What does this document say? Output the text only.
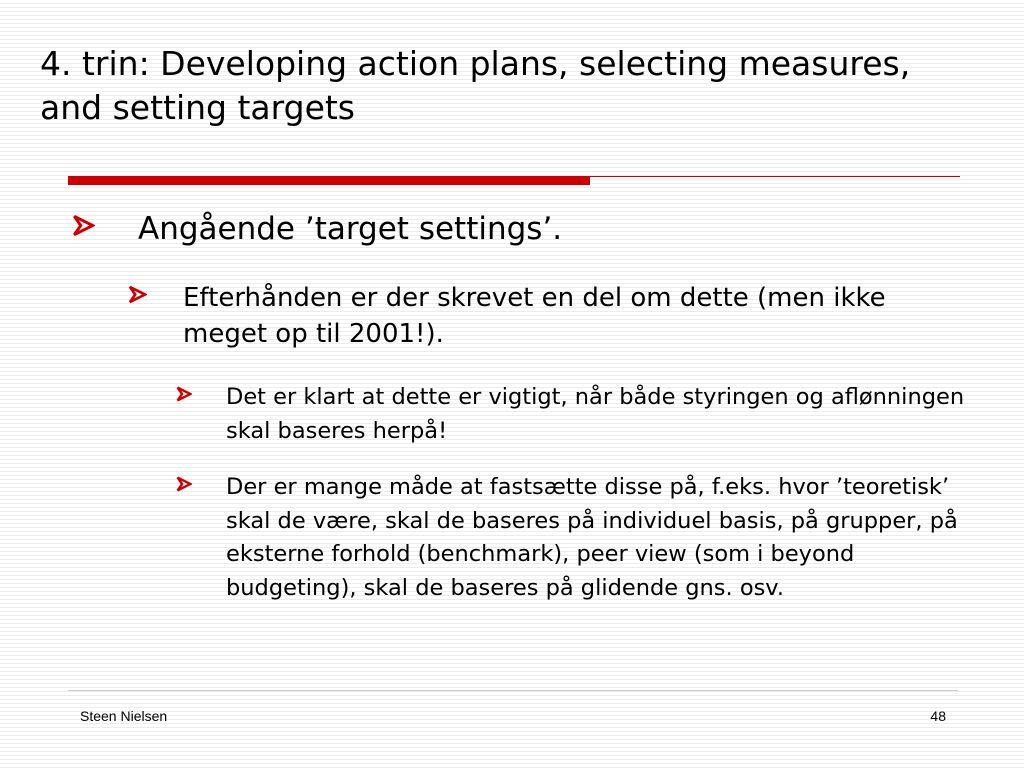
4. trin: Developing action plans, selecting measures, and setting targets
Angående ’target settings’.
Efterhånden er der skrevet en del om dette (men ikke meget op til 2001!).
Det er klart at dette er vigtigt, når både styringen og aflønningen skal baseres herpå!
Der er mange måde at fastsætte disse på, f.eks. hvor ’teoretisk’ skal de være, skal de baseres på individuel basis, på grupper, på eksterne forhold (benchmark), peer view (som i beyond budgeting), skal de baseres på glidende gns. osv.
Steen Nielsen	48
